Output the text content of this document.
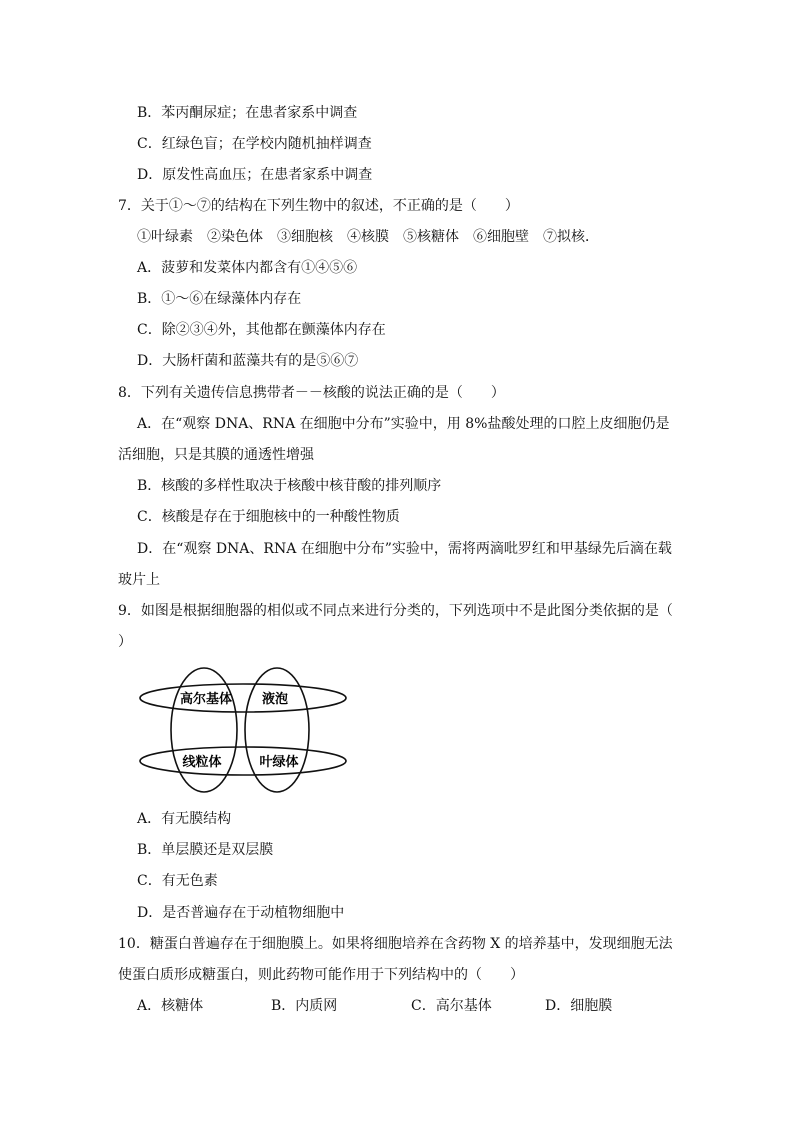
B．苯丙酮尿症；在患者家系中调查
C．红绿色盲；在学校内随机抽样调查
D．原发性高血压；在患者家系中调查
7．关于①～⑦的结构在下列生物中的叙述，不正确的是（　　）
①叶绿素　②染色体　③细胞核　④核膜　⑤核糖体　⑥细胞壁　⑦拟核．
A．菠萝和发菜体内都含有①④⑤⑥
B．①～⑥在绿藻体内存在
C．除②③④外，其他都在颤藻体内存在
D．大肠杆菌和蓝藻共有的是⑤⑥⑦
8．下列有关遗传信息携带者－－核酸的说法正确的是（　　）
A．在“观察 DNA、RNA 在细胞中分布”实验中，用 8%盐酸处理的口腔上皮细胞仍是
活细胞，只是其膜的通透性增强
B．核酸的多样性取决于核酸中核苷酸的排列顺序
C．核酸是存在于细胞核中的一种酸性物质
D．在“观察 DNA、RNA 在细胞中分布”实验中，需将两滴吡罗红和甲基绿先后滴在载
玻片上
9．如图是根据细胞器的相似或不同点来进行分类的，下列选项中不是此图分类依据的是（
）
高尔基体 液泡
线粒体	叶绿体
A．有无膜结构
B．单层膜还是双层膜
C．有无色素
D．是否普遍存在于动植物细胞中
10．糖蛋白普遍存在于细胞膜上。如果将细胞培养在含药物 X 的培养基中，发现细胞无法
使蛋白质形成糖蛋白，则此药物可能作用于下列结构中的（　　）
A．核糖体	B．内质网	C．高尔基体	D．细胞膜
